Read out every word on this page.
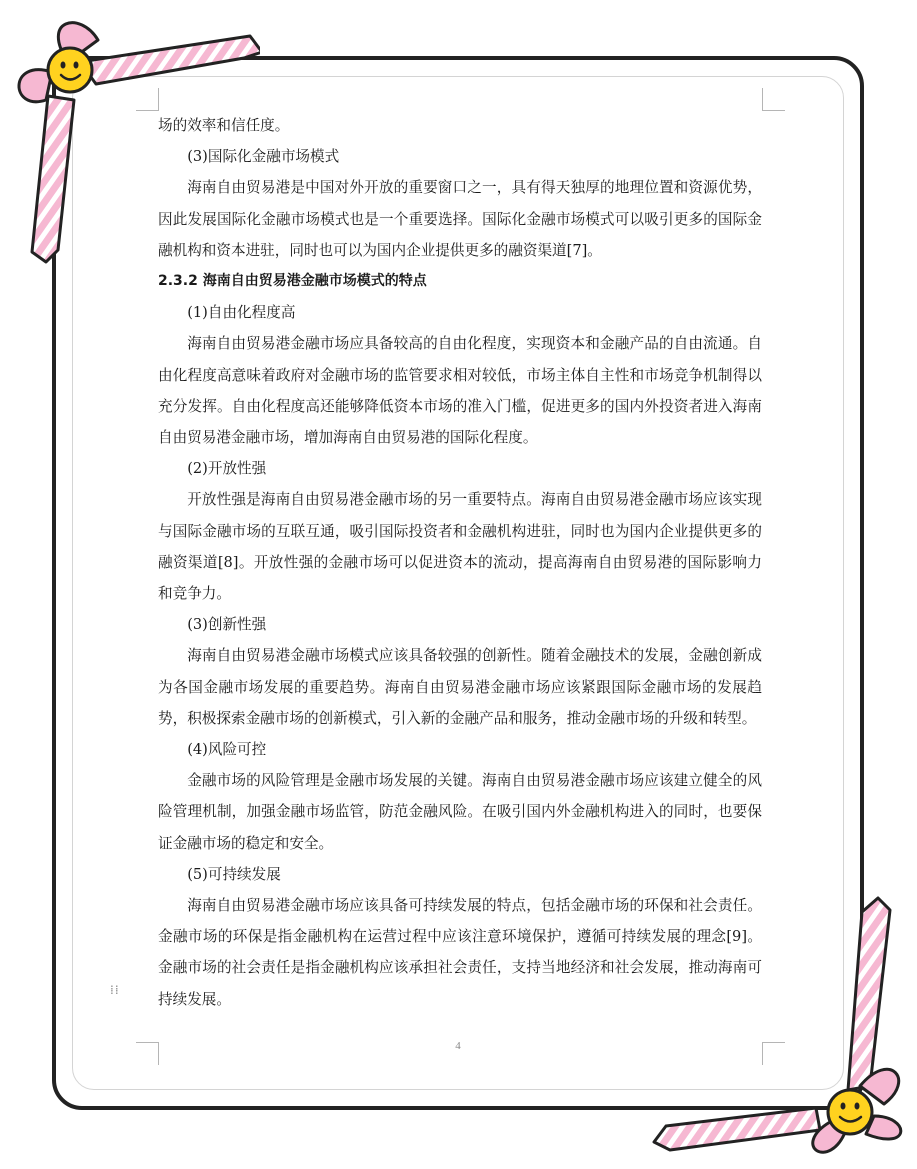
场的效率和信任度。

(3)国际化金融市场模式

海南自由贸易港是中国对外开放的重要窗口之一，具有得天独厚的地理位置和资源优势，因此发展国际化金融市场模式也是一个重要选择。国际化金融市场模式可以吸引更多的国际金融机构和资本进驻，同时也可以为国内企业提供更多的融资渠道[7]。

2.3.2 海南自由贸易港金融市场模式的特点

(1)自由化程度高

海南自由贸易港金融市场应具备较高的自由化程度，实现资本和金融产品的自由流通。自由化程度高意味着政府对金融市场的监管要求相对较低，市场主体自主性和市场竞争机制得以充分发挥。自由化程度高还能够降低资本市场的准入门槛，促进更多的国内外投资者进入海南自由贸易港金融市场，增加海南自由贸易港的国际化程度。

(2)开放性强

开放性强是海南自由贸易港金融市场的另一重要特点。海南自由贸易港金融市场应该实现与国际金融市场的互联互通，吸引国际投资者和金融机构进驻，同时也为国内企业提供更多的融资渠道[8]。开放性强的金融市场可以促进资本的流动，提高海南自由贸易港的国际影响力和竞争力。

(3)创新性强

海南自由贸易港金融市场模式应该具备较强的创新性。随着金融技术的发展，金融创新成为各国金融市场发展的重要趋势。海南自由贸易港金融市场应该紧跟国际金融市场的发展趋势，积极探索金融市场的创新模式，引入新的金融产品和服务，推动金融市场的升级和转型。

(4)风险可控

金融市场的风险管理是金融市场发展的关键。海南自由贸易港金融市场应该建立健全的风险管理机制，加强金融市场监管，防范金融风险。在吸引国内外金融机构进入的同时，也要保证金融市场的稳定和安全。

(5)可持续发展

海南自由贸易港金融市场应该具备可持续发展的特点，包括金融市场的环保和社会责任。金融市场的环保是指金融机构在运营过程中应该注意环境保护，遵循可持续发展的理念[9]。金融市场的社会责任是指金融机构应该承担社会责任，支持当地经济和社会发展，推动海南可持续发展。

4
⁞⁞
